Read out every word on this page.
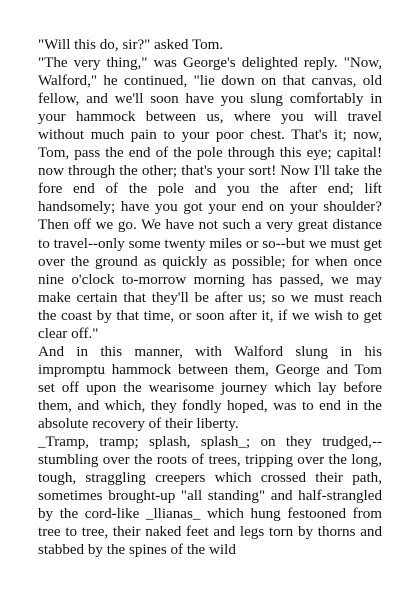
"Will this do, sir?" asked Tom.

"The very thing," was George's delighted reply. "Now, Walford," he continued, "lie down on that canvas, old fellow, and we'll soon have you slung comfortably in your hammock between us, where you will travel without much pain to your poor chest. That's it; now, Tom, pass the end of the pole through this eye; capital! now through the other; that's your sort! Now I'll take the fore end of the pole and you the after end; lift handsomely; have you got your end on your shoulder? Then off we go. We have not such a very great distance to travel--only some twenty miles or so--but we must get over the ground as quickly as possible; for when once nine o'clock to-morrow morning has passed, we may make certain that they'll be after us; so we must reach the coast by that time, or soon after it, if we wish to get clear off."

And in this manner, with Walford slung in his impromptu hammock between them, George and Tom set off upon the wearisome journey which lay before them, and which, they fondly hoped, was to end in the absolute recovery of their liberty.

_Tramp, tramp; splash, splash_; on they trudged,--stumbling over the roots of trees, tripping over the long, tough, straggling creepers which crossed their path, sometimes brought-up "all standing" and half-strangled by the cord-like _llianas_ which hung festooned from tree to tree, their naked feet and legs torn by thorns and stabbed by the spines of the wild
